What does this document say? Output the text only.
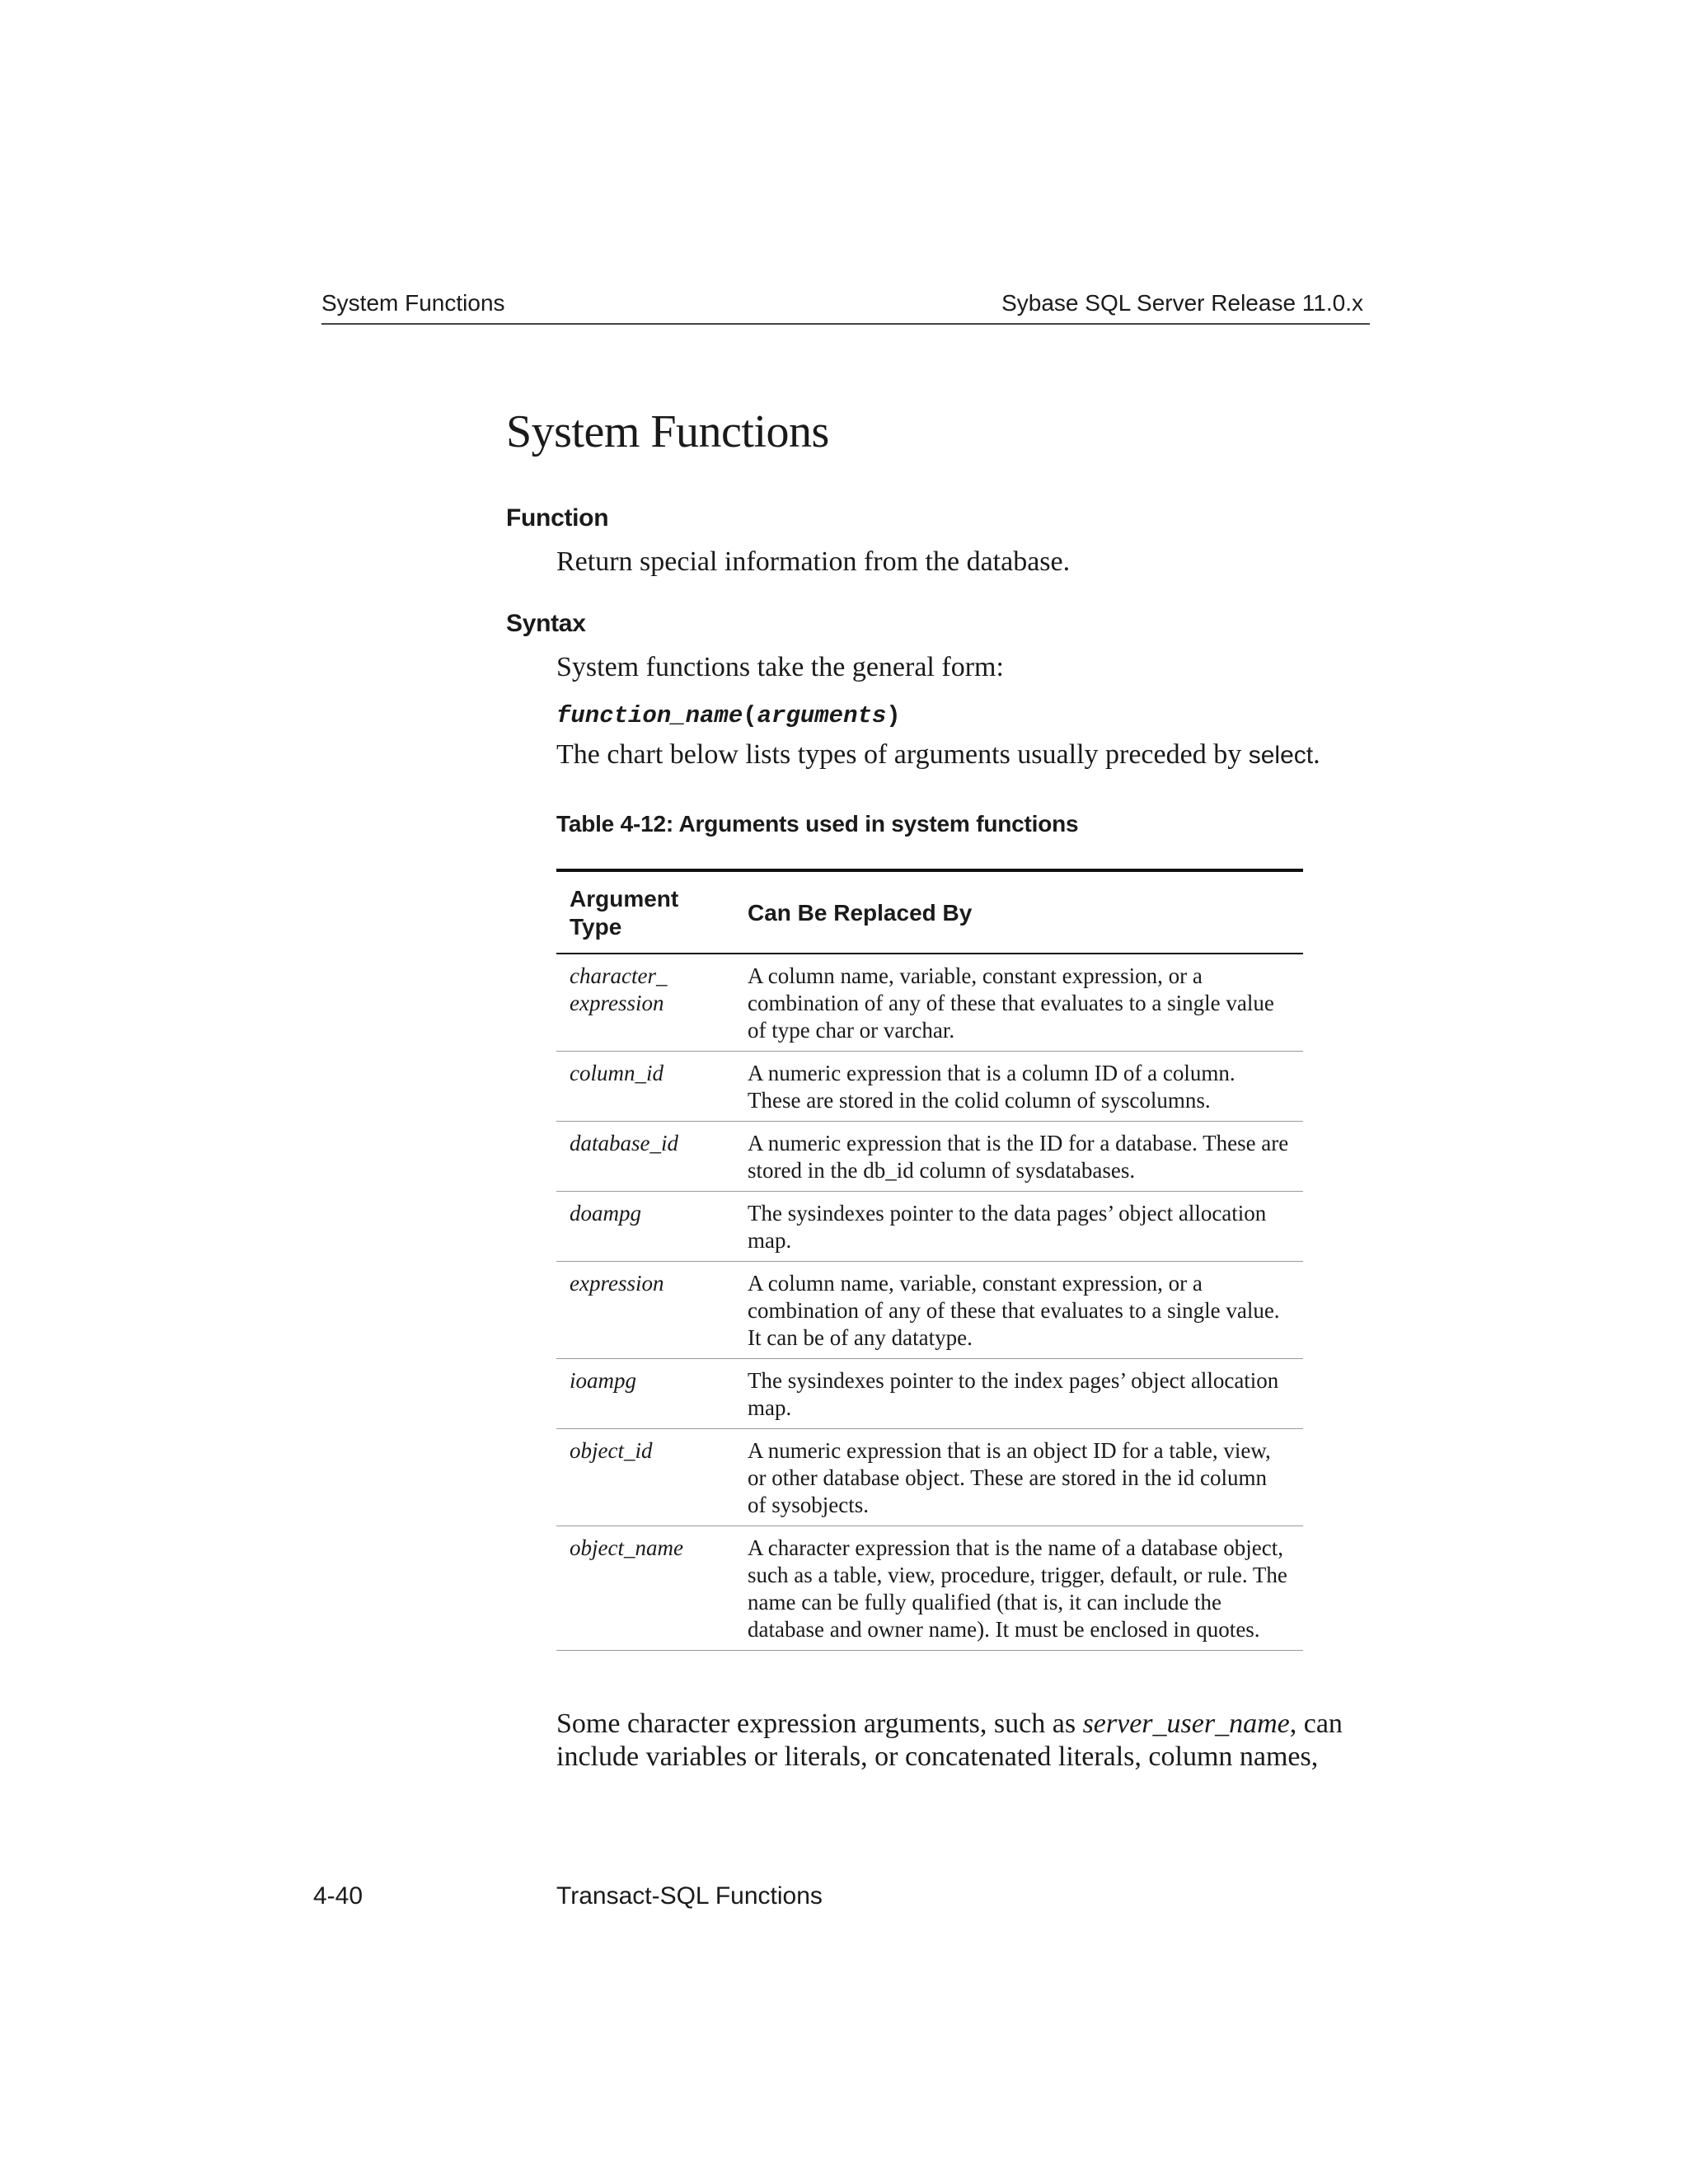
System Functions	Sybase SQL Server Release 11.0.x
System Functions
Function
Return special information from the database.
Syntax
System functions take the general form:
function_name(arguments)
The chart below lists types of arguments usually preceded by select.
Table 4-12: Arguments used in system functions
Argument Type	Can Be Replaced By
character_ expression	A column name, variable, constant expression, or a combination of any of these that evaluates to a single value of type char or varchar.
column_id	A numeric expression that is a column ID of a column. These are stored in the colid column of syscolumns.
database_id	A numeric expression that is the ID for a database. These are stored in the db_id column of sysdatabases.
doampg	The sysindexes pointer to the data pages’ object allocation map.
expression	A column name, variable, constant expression, or a combination of any of these that evaluates to a single value. It can be of any datatype.
ioampg	The sysindexes pointer to the index pages’ object allocation map.
object_id	A numeric expression that is an object ID for a table, view, or other database object. These are stored in the id column of sysobjects.
object_name	A character expression that is the name of a database object, such as a table, view, procedure, trigger, default, or rule. The name can be fully qualified (that is, it can include the database and owner name). It must be enclosed in quotes.
Some character expression arguments, such as server_user_name, can include variables or literals, or concatenated literals, column names,
4-40	Transact-SQL Functions
